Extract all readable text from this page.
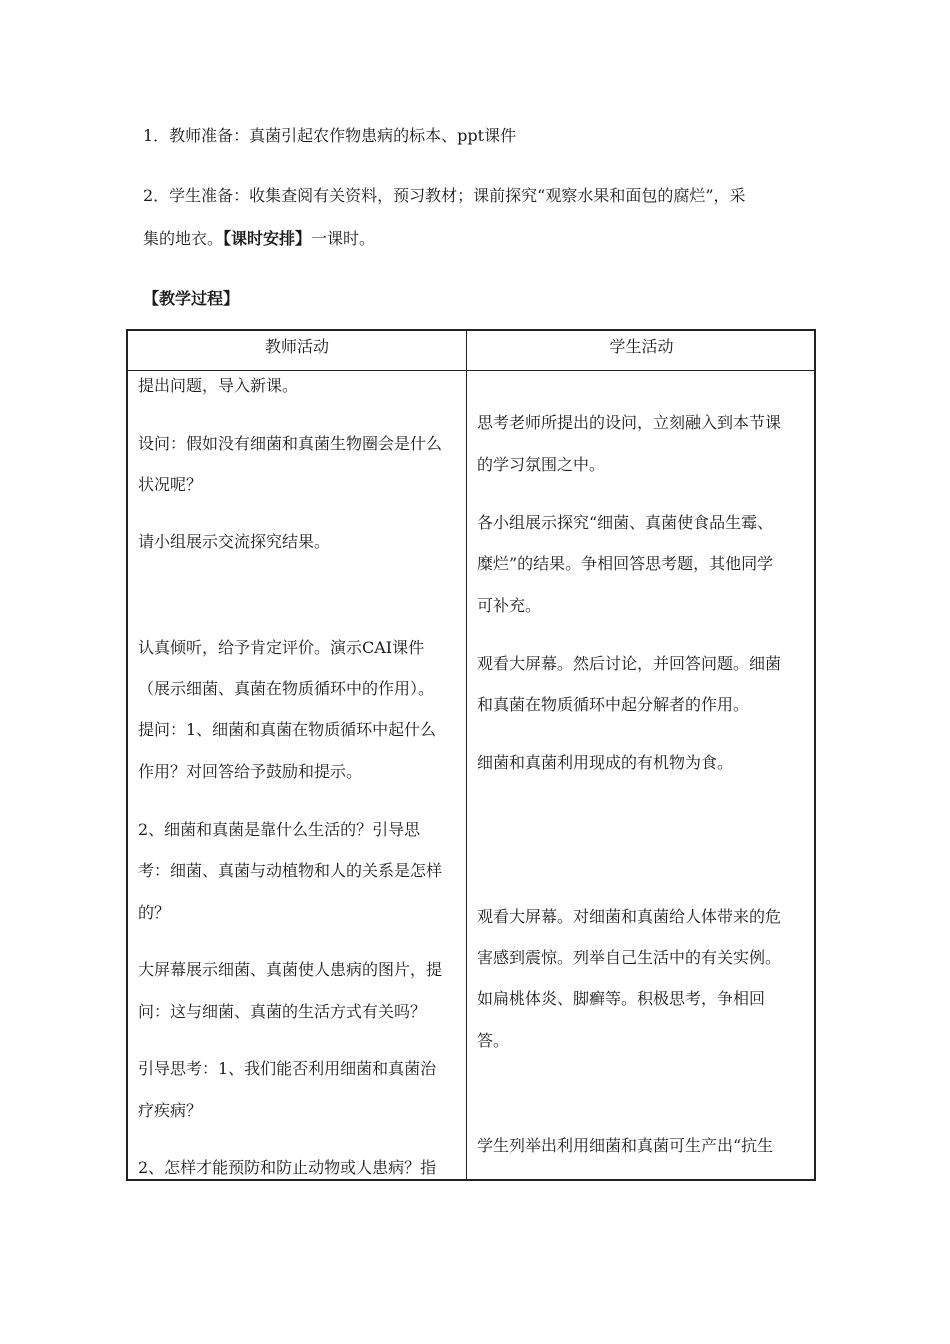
1．教师准备：真菌引起农作物患病的标本、ppt课件
2．学生准备：收集查阅有关资料，预习教材；课前探究“观察水果和面包的腐烂”，采
集的地衣。【课时安排】一课时。
【教学过程】
教师活动	学生活动
提出问题，导入新课。
设问：假如没有细菌和真菌生物圈会是什么
状况呢？
请小组展示交流探究结果。
认真倾听，给予肯定评价。演示CAI课件
（展示细菌、真菌在物质循环中的作用）。
提问：1、细菌和真菌在物质循环中起什么
作用？对回答给予鼓励和提示。
2、细菌和真菌是靠什么生活的？引导思
考：细菌、真菌与动植物和人的关系是怎样
的？
大屏幕展示细菌、真菌使人患病的图片，提
问：这与细菌、真菌的生活方式有关吗？
引导思考：1、我们能否利用细菌和真菌治
疗疾病？
2、怎样才能预防和防止动物或人患病？指
思考老师所提出的设问，立刻融入到本节课
的学习氛围之中。
各小组展示探究“细菌、真菌使食品生霉、
糜烂”的结果。争相回答思考题，其他同学
可补充。
观看大屏幕。然后讨论，并回答问题。细菌
和真菌在物质循环中起分解者的作用。
细菌和真菌利用现成的有机物为食。
观看大屏幕。对细菌和真菌给人体带来的危
害感到震惊。列举自己生活中的有关实例。
如扁桃体炎、脚癣等。积极思考，争相回
答。
学生列举出利用细菌和真菌可生产出“抗生
